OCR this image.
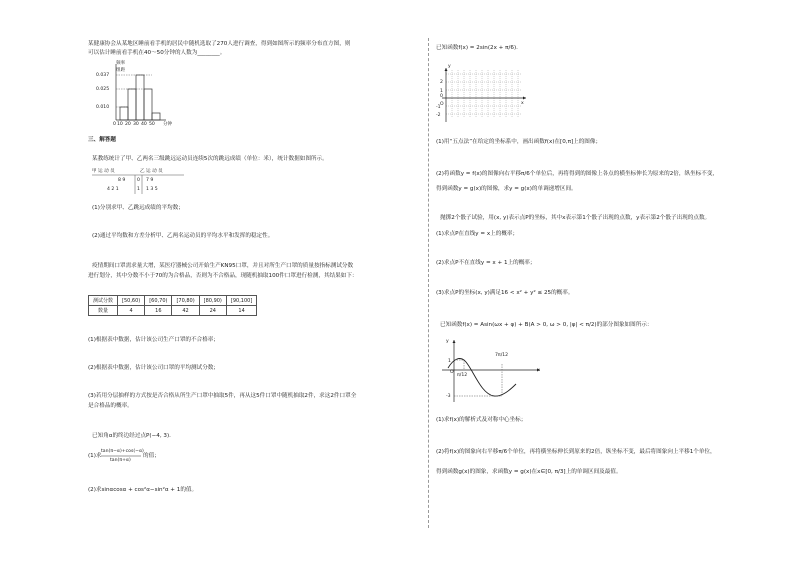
某健康协会从某地区睡前看手机的居民中随机选取了270人进行调查，得到如图所示的频率分布直方图，则
可以估计睡前看手机在40～50分钟的人数为________。
频率
组距
0.037
0.025
0.010
0 10 20 30 40 50 分钟
三、解答题
某教练统计了甲、乙两名三级跳远运动员连续5次的跳远成绩（单位：米），统计数据如图所示。
甲 运 动 员	乙 运 动 员
8 9	0 7 9
4 2 1	1 1 3 5
(1)分别求甲、乙跳远成绩的平均数；
(2)通过平均数和方差分析甲、乙两名运动员的平均水平和发挥的稳定性。
疫情期间口罩需求量大增，某医疗器械公司开始生产KN95口罩，并且对所生产口罩的质量按指标测试分数
进行划分，其中分数不小于70的为合格品，否则为不合格品，现随机抽取100件口罩进行检测，其结果如下：
测试分数	[50,60)	[60,70)	[70,80)	[80,90)	[90,100]
数量	4	16	42	24	14
(1)根据表中数据，估计该公司生产口罩的不合格率；
(2)根据表中数据，估计该公司口罩的平均测试分数；
(3)若用分层抽样的方式按是否合格从所生产口罩中抽取5件，再从这5件口罩中随机抽取2件，求这2件口罩全
是合格品的概率。
已知角α的终边经过点P(−4, 3).
(1)求
tan(π−α)+cos(−α)
tan(π+α)
的值；
(2)求sinαcosα + cos²α−sin²α + 1的值。
已知函数f(x) = 2sin(2x + π/6).
y
x
O
2
1
0
-1
-2
(1)用“五点法”在给定的坐标系中，画出函数f(x)在[0,π]上的图像；
(2)将函数y = f(x)的图像向右平移π/6个单位后，再将得到的图像上各点的横坐标伸长为原来的2倍，纵坐标不变，
得到函数y = g(x)的图像，求y = g(x)的单调递增区间。
抛掷2个骰子试验，用(x, y)表示点P的坐标，其中x表示第1个骰子出现的点数，y表示第2个骰子出现的点数。
(1)求点P在直线y = x上的概率；
(2)求点P不在直线y = x + 1上的概率；
(3)求点P的坐标(x, y)满足16 < x² + y² ≤ 25的概率。
已知函数f(x) = Asin(ωx + φ) + B(A > 0, ω > 0, |φ| < π/2)的部分图象如图所示：
y
x
1
-3
O
π/12
7π/12
(1)求f(x)的解析式及对称中心坐标；
(2)将f(x)的图象向右平移π/6个单位，再将横坐标伸长到原来的2倍，纵坐标不变，最后将图象向上平移1个单位，
得到函数g(x)的图象，求函数y = g(x)在x∈[0, π/3]上的单调区间及最值。
